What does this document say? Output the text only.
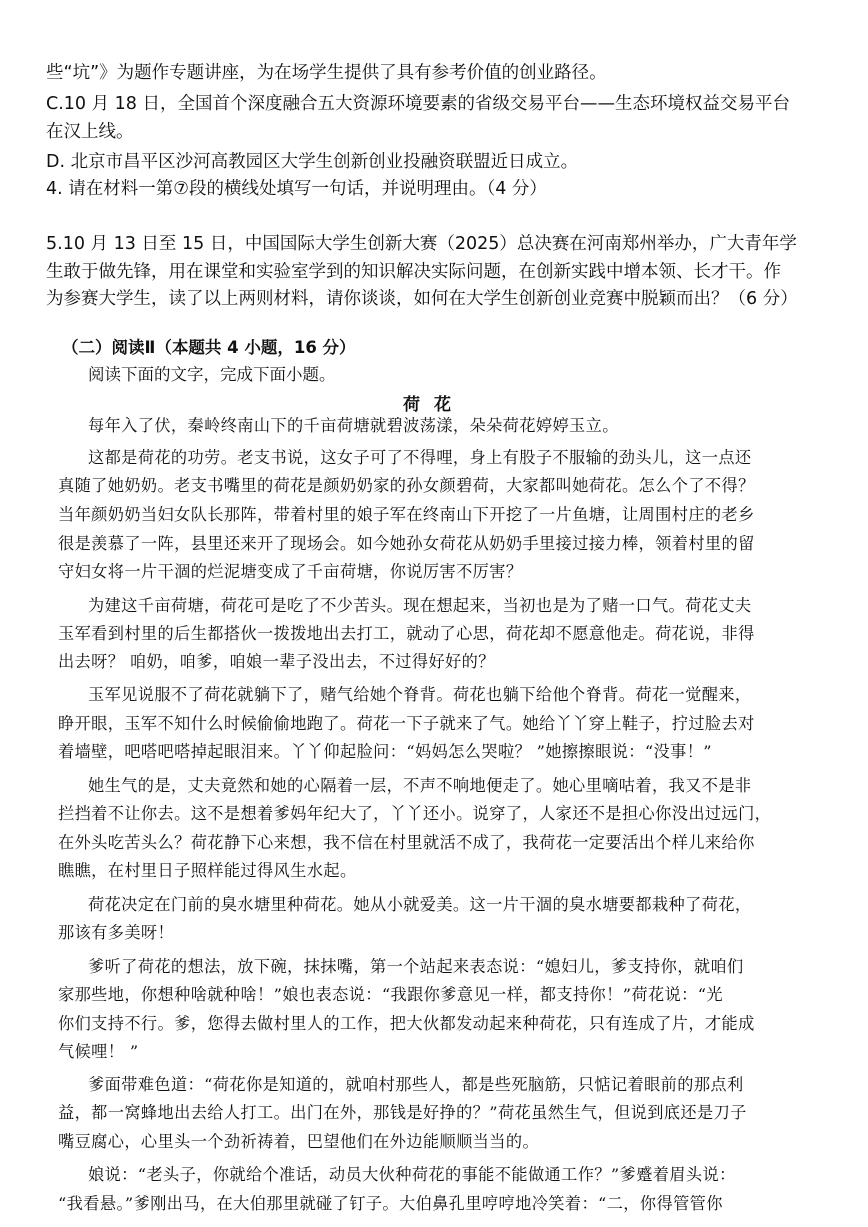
些“坑”》为题作专题讲座，为在场学生提供了具有参考价值的创业路径。
C.10 月 18 日，全国首个深度融合五大资源环境要素的省级交易平台——生态环境权益交易平台
在汉上线。
D. 北京市昌平区沙河高教园区大学生创新创业投融资联盟近日成立。
4. 请在材料一第⑦段的横线处填写一句话，并说明理由。（4 分）
5.10 月 13 日至 15 日，中国国际大学生创新大赛（2025）总决赛在河南郑州举办，广大青年学
生敢于做先锋，用在课堂和实验室学到的知识解决实际问题，在创新实践中增本领、长才干。作
为参赛大学生，读了以上两则材料，请你谈谈，如何在大学生创新创业竞赛中脱颖而出？（6 分）
（二）阅读Ⅱ（本题共 4 小题，16 分）
阅读下面的文字，完成下面小题。
荷花
每年入了伏，秦岭终南山下的千亩荷塘就碧波荡漾，朵朵荷花婷婷玉立。
这都是荷花的功劳。老支书说，这女子可了不得哩，身上有股子不服输的劲头儿，这一点还
真随了她奶奶。老支书嘴里的荷花是颜奶奶家的孙女颜碧荷，大家都叫她荷花。怎么个了不得？
当年颜奶奶当妇女队长那阵，带着村里的娘子军在终南山下开挖了一片鱼塘，让周围村庄的老乡
很是羡慕了一阵，县里还来开了现场会。如今她孙女荷花从奶奶手里接过接力棒，领着村里的留
守妇女将一片干涸的烂泥塘变成了千亩荷塘，你说厉害不厉害？
为建这千亩荷塘，荷花可是吃了不少苦头。现在想起来，当初也是为了赌一口气。荷花丈夫
玉军看到村里的后生都搭伙一拨拨地出去打工，就动了心思，荷花却不愿意他走。荷花说，非得
出去呀？ 咱奶，咱爹，咱娘一辈子没出去，不过得好好的？
玉军见说服不了荷花就躺下了，赌气给她个脊背。荷花也躺下给他个脊背。荷花一觉醒来，
睁开眼，玉军不知什么时候偷偷地跑了。荷花一下子就来了气。她给丫丫穿上鞋子，拧过脸去对
着墙壁，吧嗒吧嗒掉起眼泪来。丫丫仰起脸问：“妈妈怎么哭啦？ ”她擦擦眼说：“没事！”
她生气的是，丈夫竟然和她的心隔着一层，不声不响地便走了。她心里嘀咕着，我又不是非
拦挡着不让你去。这不是想着爹妈年纪大了，丫丫还小。说穿了，人家还不是担心你没出过远门，
在外头吃苦头么？荷花静下心来想，我不信在村里就活不成了，我荷花一定要活出个样儿来给你
瞧瞧，在村里日子照样能过得风生水起。
荷花决定在门前的臭水塘里种荷花。她从小就爱美。这一片干涸的臭水塘要都栽种了荷花，
那该有多美呀！
爹听了荷花的想法，放下碗，抹抹嘴，第一个站起来表态说：“媳妇儿，爹支持你，就咱们
家那些地，你想种啥就种啥！”娘也表态说：“我跟你爹意见一样，都支持你！”荷花说：“光
你们支持不行。爹，您得去做村里人的工作，把大伙都发动起来种荷花，只有连成了片，才能成
气候哩！ ”
爹面带难色道：“荷花你是知道的，就咱村那些人，都是些死脑筋，只惦记着眼前的那点利
益，都一窝蜂地出去给人打工。出门在外，那钱是好挣的？”荷花虽然生气，但说到底还是刀子
嘴豆腐心，心里头一个劲祈祷着，巴望他们在外边能顺顺当当的。
娘说：“老头子，你就给个准话，动员大伙种荷花的事能不能做通工作？”爹蹙着眉头说：
“我看悬。”爹刚出马，在大伯那里就碰了钉子。大伯鼻孔里哼哼地冷笑着：“二，你得管管你
